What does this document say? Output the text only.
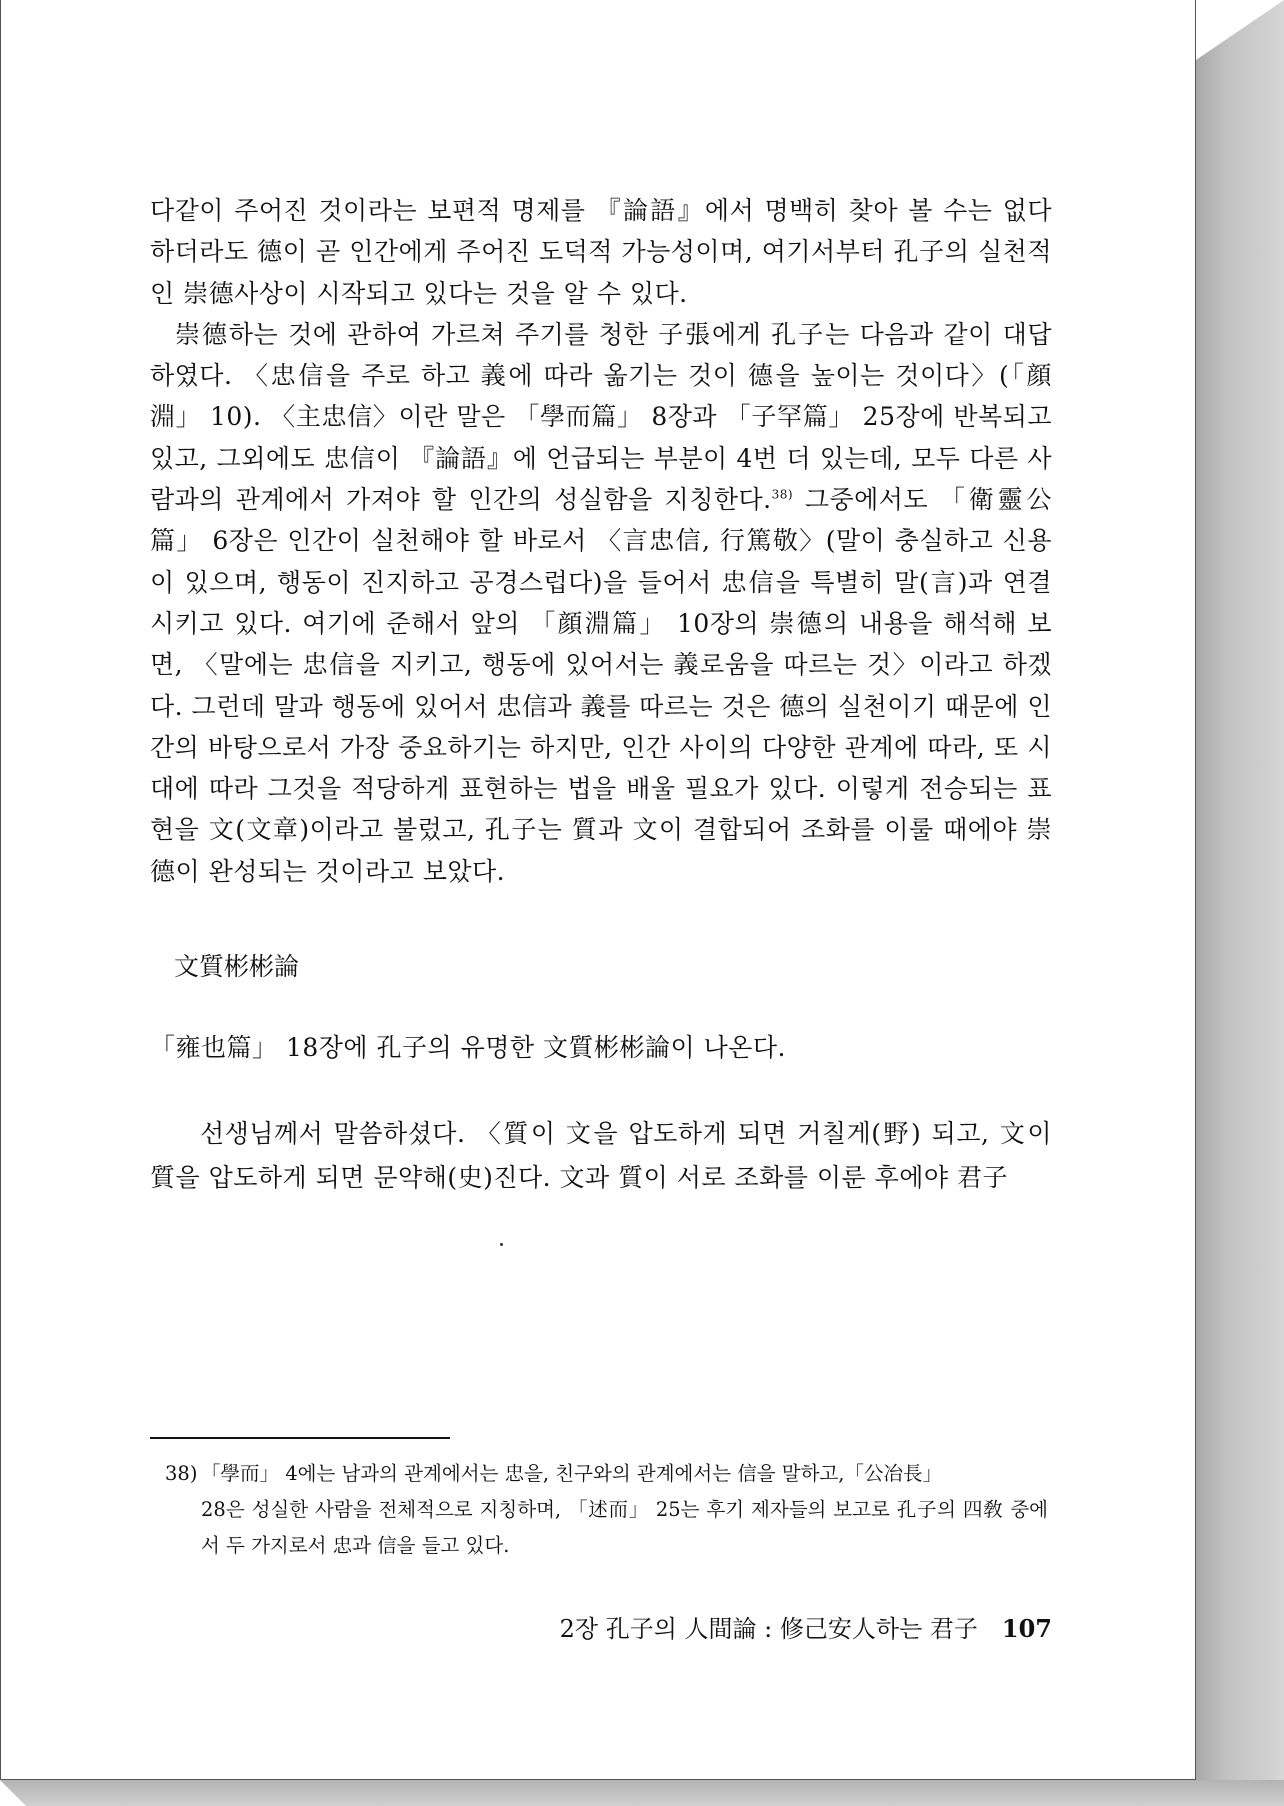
다같이 주어진 것이라는 보편적 명제를 『論語』에서 명백히 찾아 볼 수는 없다 하더라도 德이 곧 인간에게 주어진 도덕적 가능성이며, 여기서부터 孔子의 실천적인 崇德사상이 시작되고 있다는 것을 알 수 있다.

崇德하는 것에 관하여 가르쳐 주기를 청한 子張에게 孔子는 다음과 같이 대답하였다. 〈忠信을 주로 하고 義에 따라 옮기는 것이 德을 높이는 것이다〉(「顔淵」 10). 〈主忠信〉이란 말은 「學而篇」 8장과 「子罕篇」 25장에 반복되고 있고, 그외에도 忠信이 『論語』에 언급되는 부분이 4번 더 있는데, 모두 다른 사람과의 관계에서 가져야 할 인간의 성실함을 지칭한다.$^{38)}$ 그중에서도 「衛靈公篇」 6장은 인간이 실천해야 할 바로서 〈言忠信, 行篤敬〉(말이 충실하고 신용이 있으며, 행동이 진지하고 공경스럽다)을 들어서 忠信을 특별히 말(言)과 연결시키고 있다. 여기에 준해서 앞의 「顔淵篇」 10장의 崇德의 내용을 해석해 보면, 〈말에는 忠信을 지키고, 행동에 있어서는 義로움을 따르는 것〉이라고 하겠다. 그런데 말과 행동에 있어서 忠信과 義를 따르는 것은 德의 실천이기 때문에 인간의 바탕으로서 가장 중요하기는 하지만, 인간 사이의 다양한 관계에 따라, 또 시대에 따라 그것을 적당하게 표현하는 법을 배울 필요가 있다. 이렇게 전승되는 표현을 文(文章)이라고 불렀고, 孔子는 質과 文이 결합되어 조화를 이룰 때에야 崇德이 완성되는 것이라고 보았다.

文質彬彬論

「雍也篇」 18장에 孔子의 유명한 文質彬彬論이 나온다.

선생님께서 말씀하셨다. 〈質이 文을 압도하게 되면 거칠게(野) 되고, 文이 質을 압도하게 되면 문약해(史)진다. 文과 質이 서로 조화를 이룬 후에야 君子

38) 「學而」 4에는 남과의 관계에서는 忠을, 친구와의 관계에서는 信을 말하고,「公冶長」
28은 성실한 사람을 전체적으로 지칭하며, 「述而」 25는 후기 제자들의 보고로 孔子의 四敎 중에서 두 가지로서 忠과 信을 들고 있다.
2장 孔子의 人間論 : 修己安人하는 君子 107
